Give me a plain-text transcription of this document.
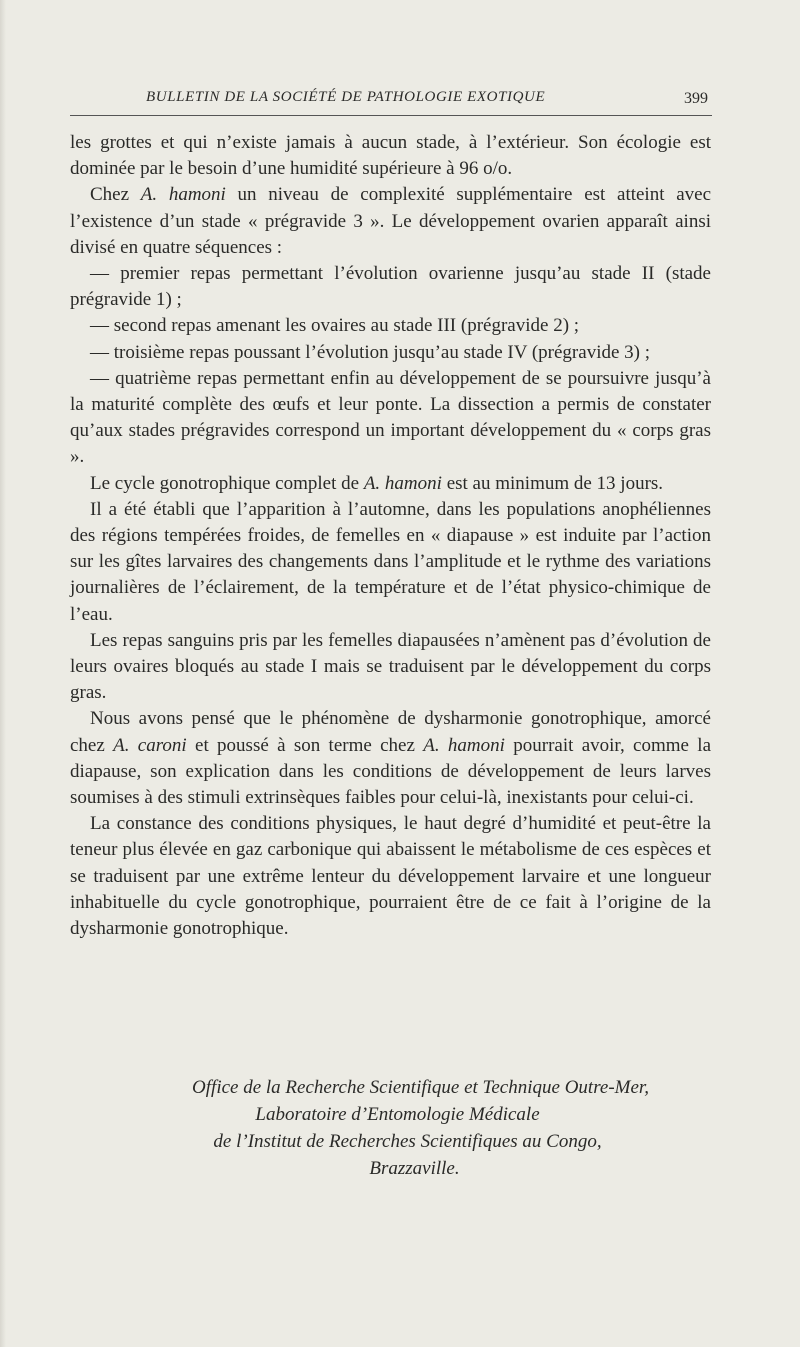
BULLETIN DE LA SOCIÉTÉ DE PATHOLOGIE EXOTIQUE	399

les grottes et qui n’existe jamais à aucun stade, à l’extérieur. Son écologie est dominée par le besoin d’une humidité supérieure à 96 o/o.

Chez A. hamoni un niveau de complexité supplémentaire est atteint avec l’existence d’un stade « prégravide 3 ». Le développement ovarien apparaît ainsi divisé en quatre séquences :

— premier repas permettant l’évolution ovarienne jusqu’au stade II (stade prégravide 1) ;

— second repas amenant les ovaires au stade III (prégravide 2) ;

— troisième repas poussant l’évolution jusqu’au stade IV (prégravide 3) ;

— quatrième repas permettant enfin au développement de se poursuivre jusqu’à la maturité complète des œufs et leur ponte. La dissection a permis de constater qu’aux stades prégravides correspond un important développement du « corps gras ».

Le cycle gonotrophique complet de A. hamoni est au minimum de 13 jours.

Il a été établi que l’apparition à l’automne, dans les populations anophéliennes des régions tempérées froides, de femelles en « diapause » est induite par l’action sur les gîtes larvaires des changements dans l’amplitude et le rythme des variations journalières de l’éclairement, de la température et de l’état physico-chimique de l’eau.

Les repas sanguins pris par les femelles diapausées n’amènent pas d’évolution de leurs ovaires bloqués au stade I mais se traduisent par le développement du corps gras.

Nous avons pensé que le phénomène de dysharmonie gonotrophique, amorcé chez A. caroni et poussé à son terme chez A. hamoni pourrait avoir, comme la diapause, son explication dans les conditions de développement de leurs larves soumises à des stimuli extrinsèques faibles pour celui-là, inexistants pour celui-ci.

La constance des conditions physiques, le haut degré d’humidité et peut-être la teneur plus élevée en gaz carbonique qui abaissent le métabolisme de ces espèces et se traduisent par une extrême lenteur du développement larvaire et une longueur inhabituelle du cycle gonotrophique, pourraient être de ce fait à l’origine de la dysharmonie gonotrophique.

Office de la Recherche Scientifique et Technique Outre-Mer,
Laboratoire d’Entomologie Médicale
de l’Institut de Recherches Scientifiques au Congo,
Brazzaville.
